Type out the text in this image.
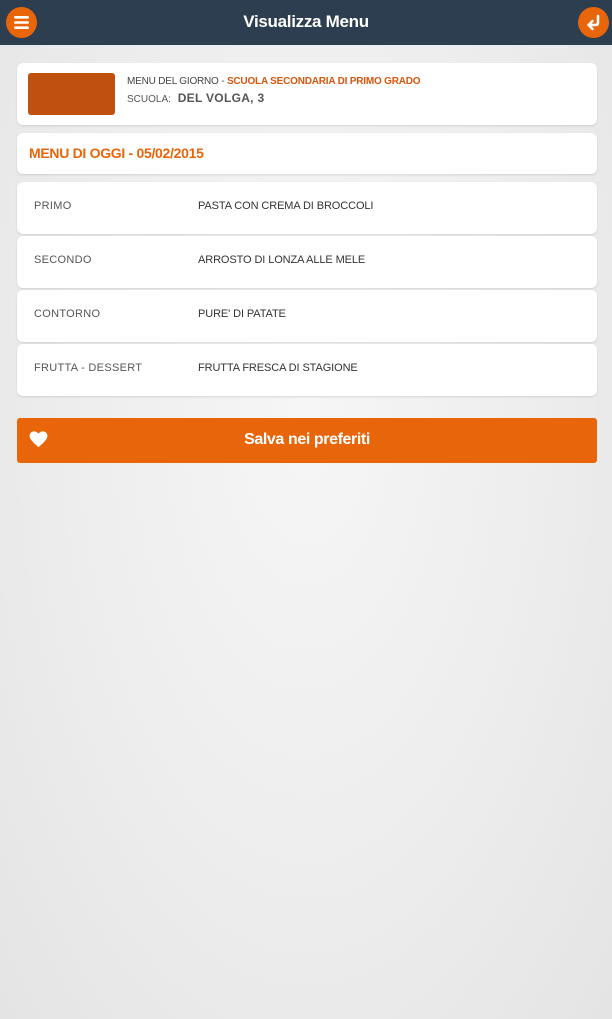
Visualizza Menu
MENU DEL GIORNO - SCUOLA SECONDARIA DI PRIMO GRADO
SCUOLA: DEL VOLGA, 3
MENU DI OGGI - 05/02/2015
PRIMO	PASTA CON CREMA DI BROCCOLI
SECONDO	ARROSTO DI LONZA ALLE MELE
CONTORNO	PURE' DI PATATE
FRUTTA - DESSERT	FRUTTA FRESCA DI STAGIONE
Salva nei preferiti
